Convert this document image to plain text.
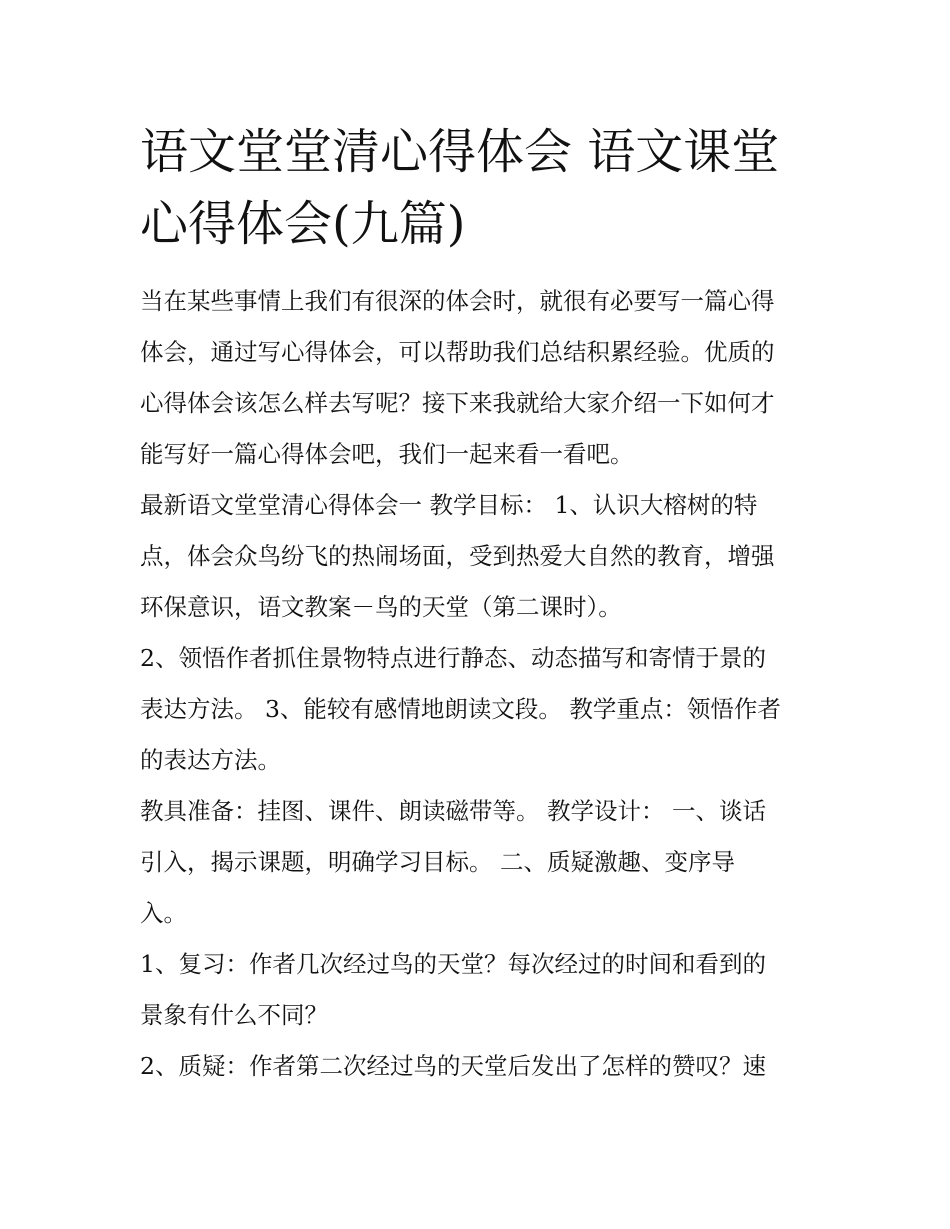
语文堂堂清心得体会 语文课堂
心得体会(九篇)
当在某些事情上我们有很深的体会时，就很有必要写一篇心得
体会，通过写心得体会，可以帮助我们总结积累经验。优质的
心得体会该怎么样去写呢？接下来我就给大家介绍一下如何才
能写好一篇心得体会吧，我们一起来看一看吧。
最新语文堂堂清心得体会一 教学目标： 1、认识大榕树的特
点，体会众鸟纷飞的热闹场面，受到热爱大自然的教育，增强
环保意识，语文教案－鸟的天堂（第二课时）。
2、领悟作者抓住景物特点进行静态、动态描写和寄情于景的
表达方法。 3、能较有感情地朗读文段。 教学重点：领悟作者
的表达方法。
教具准备：挂图、课件、朗读磁带等。 教学设计： 一、谈话
引入，揭示课题，明确学习目标。 二、质疑激趣、变序导
入。
1、复习：作者几次经过鸟的天堂？每次经过的时间和看到的
景象有什么不同？
2、质疑：作者第二次经过鸟的天堂后发出了怎样的赞叹？速
